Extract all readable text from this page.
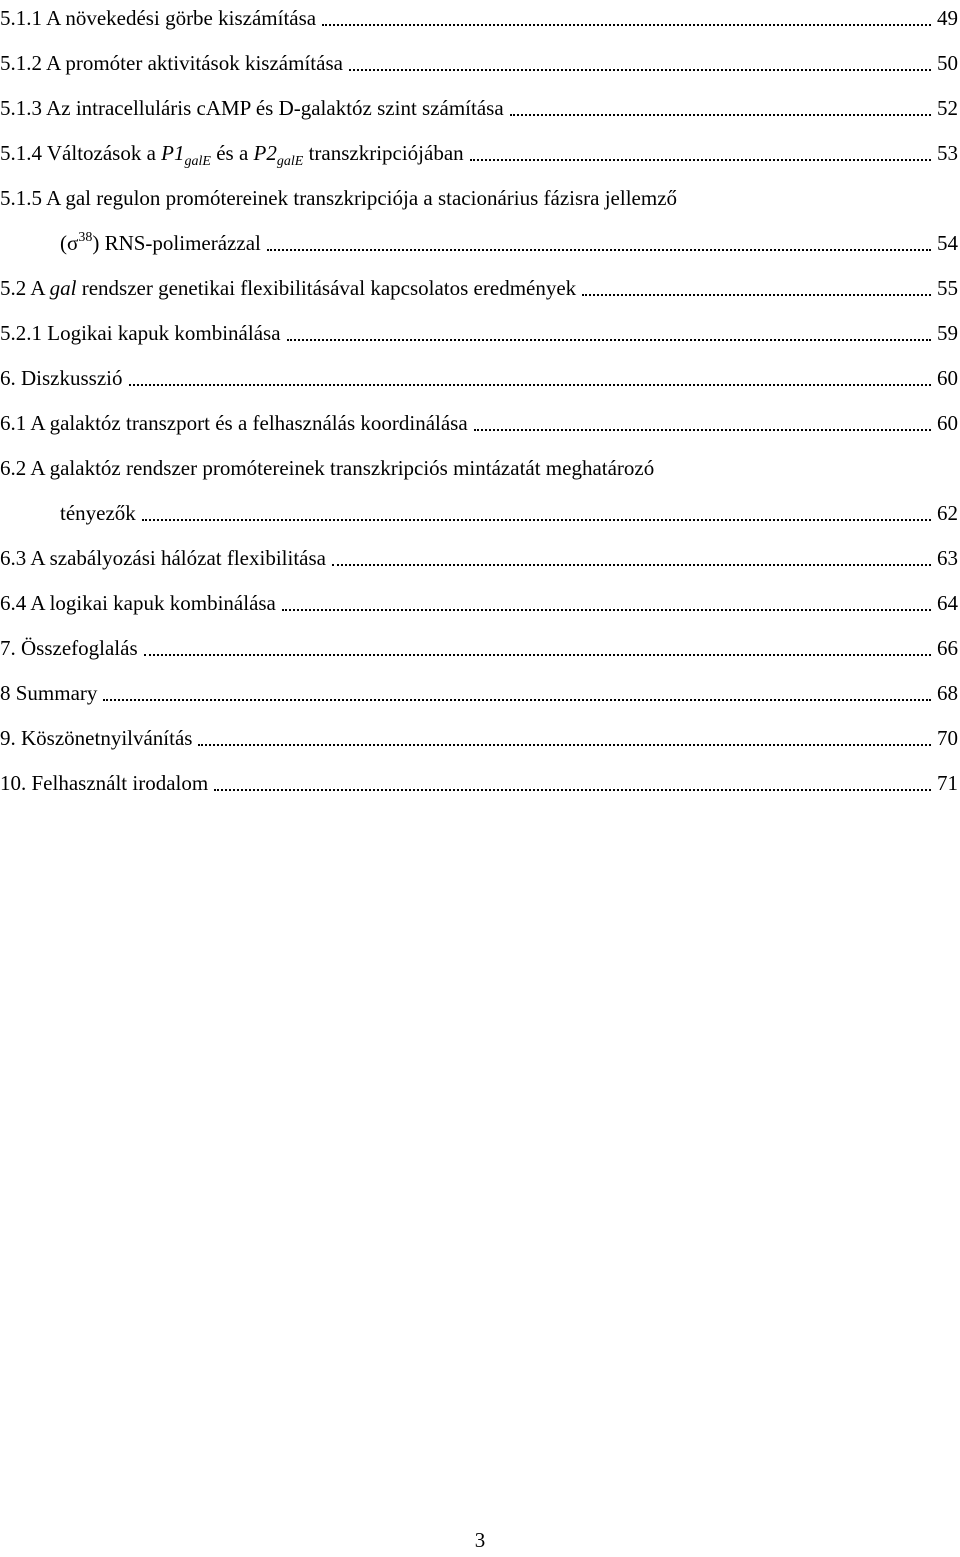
5.1.1 A növekedési görbe kiszámítása	49
5.1.2 A promóter aktivitások kiszámítása	50
5.1.3 Az intracelluláris cAMP és D-galaktóz szint számítása	52
5.1.4 Változások a $P1_{galE}$ és a $P2_{galE}$ transzkripciójában	53
5.1.5 A gal regulon promótereinek transzkripciója a stacionárius fázisra jellemző
$(\sigma^{38})$ RNS-polimerázzal	54
5.2 A gal rendszer genetikai flexibilitásával kapcsolatos eredmények	55
5.2.1 Logikai kapuk kombinálása	59
6. Diszkusszió	60
6.1 A galaktóz transzport és a felhasználás koordinálása	60
6.2 A galaktóz rendszer promótereinek transzkripciós mintázatát meghatározó
tényezők	62
6.3 A szabályozási hálózat flexibilitása	63
6.4 A logikai kapuk kombinálása	64
7. Összefoglalás	66
8 Summary	68
9. Köszönetnyilvánítás	70
10. Felhasznált irodalom	71
3
